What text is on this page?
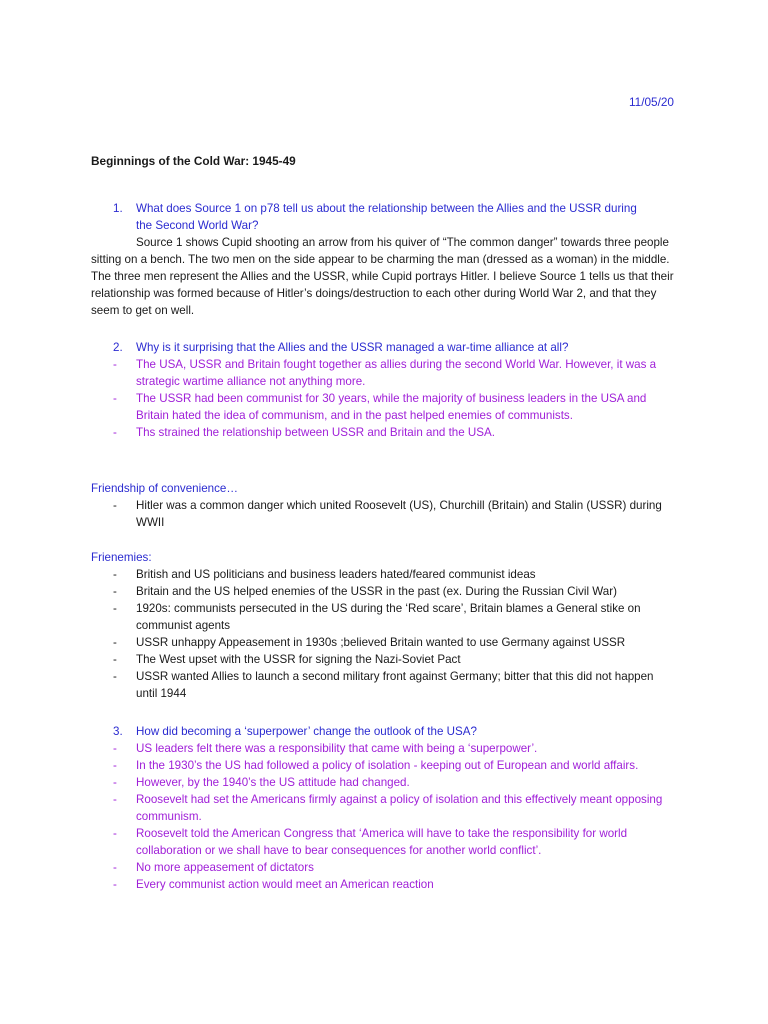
11/05/20
Beginnings of the Cold War: 1945-49
1. What does Source 1 on p78 tell us about the relationship between the Allies and the USSR during the Second World War?
Source 1 shows Cupid shooting an arrow from his quiver of “The common danger” towards three people sitting on a bench. The two men on the side appear to be charming the man (dressed as a woman) in the middle. The three men represent the Allies and the USSR, while Cupid portrays Hitler. I believe Source 1 tells us that their relationship was formed because of Hitler’s doings/destruction to each other during World War 2, and that they seem to get on well.
2. Why is it surprising that the Allies and the USSR managed a war-time alliance at all?
- The USA, USSR and Britain fought together as allies during the second World War. However, it was a strategic wartime alliance not anything more.
- The USSR had been communist for 30 years, while the majority of business leaders in the USA and Britain hated the idea of communism, and in the past helped enemies of communists.
- Ths strained the relationship between USSR and Britain and the USA.
Friendship of convenience…
- Hitler was a common danger which united Roosevelt (US), Churchill (Britain) and Stalin (USSR) during WWII
Frienemies:
- British and US politicians and business leaders hated/feared communist ideas
- Britain and the US helped enemies of the USSR in the past (ex. During the Russian Civil War)
- 1920s: communists persecuted in the US during the ‘Red scare’, Britain blames a General stike on communist agents
- USSR unhappy Appeasement in 1930s ;believed Britain wanted to use Germany against USSR
- The West upset with the USSR for signing the Nazi-Soviet Pact
- USSR wanted Allies to launch a second military front against Germany; bitter that this did not happen until 1944
3. How did becoming a ‘superpower’ change the outlook of the USA?
- US leaders felt there was a responsibility that came with being a ‘superpower’.
- In the 1930’s the US had followed a policy of isolation - keeping out of European and world affairs.
- However, by the 1940’s the US attitude had changed.
- Roosevelt had set the Americans firmly against a policy of isolation and this effectively meant opposing communism.
- Roosevelt told the American Congress that ‘America will have to take the responsibility for world collaboration or we shall have to bear consequences for another world conflict’.
- No more appeasement of dictators
- Every communist action would meet an American reaction
